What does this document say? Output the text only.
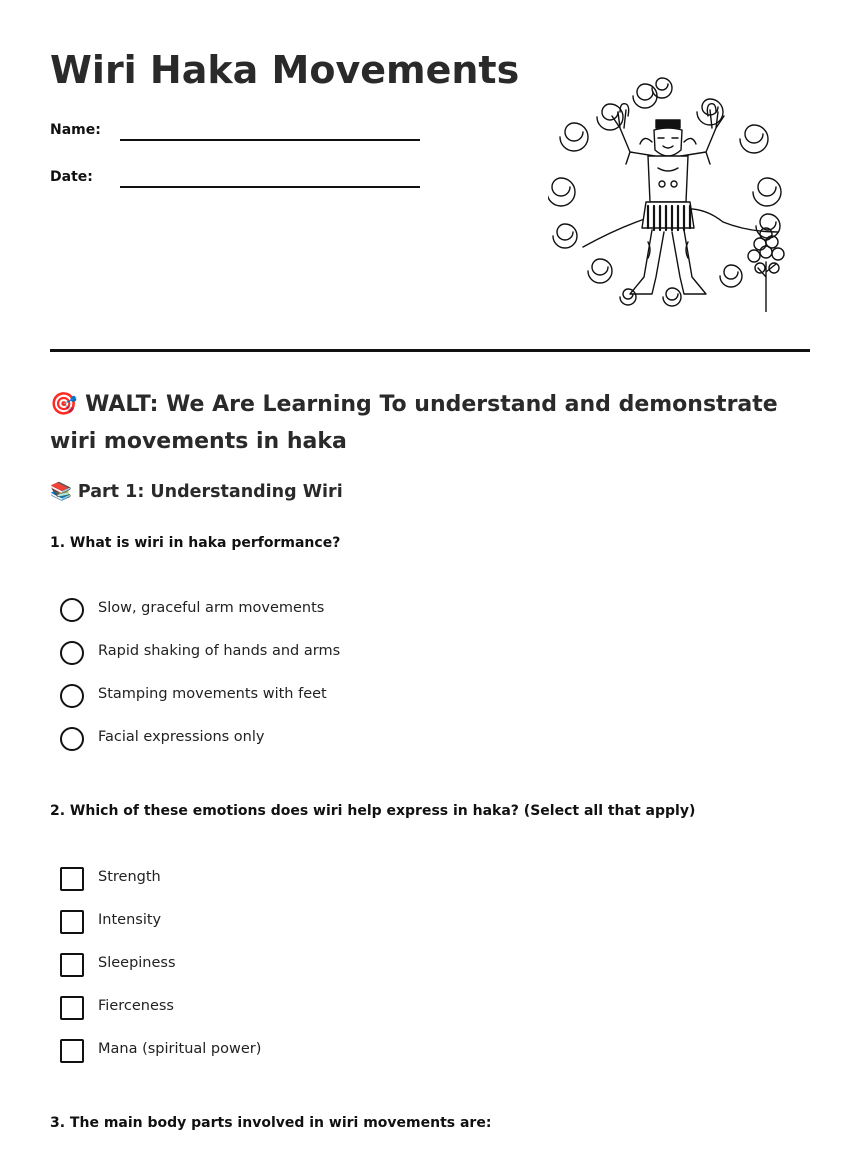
Wiri Haka Movements
Name:
Date:
🎯 WALT: We Are Learning To understand and demonstrate wiri movements in haka
📚 Part 1: Understanding Wiri

1. What is wiri in haka performance?

Slow, graceful arm movements
Rapid shaking of hands and arms
Stamping movements with feet
Facial expressions only

2. Which of these emotions does wiri help express in haka? (Select all that apply)

Strength
Intensity
Sleepiness
Fierceness
Mana (spiritual power)

3. The main body parts involved in wiri movements are:
